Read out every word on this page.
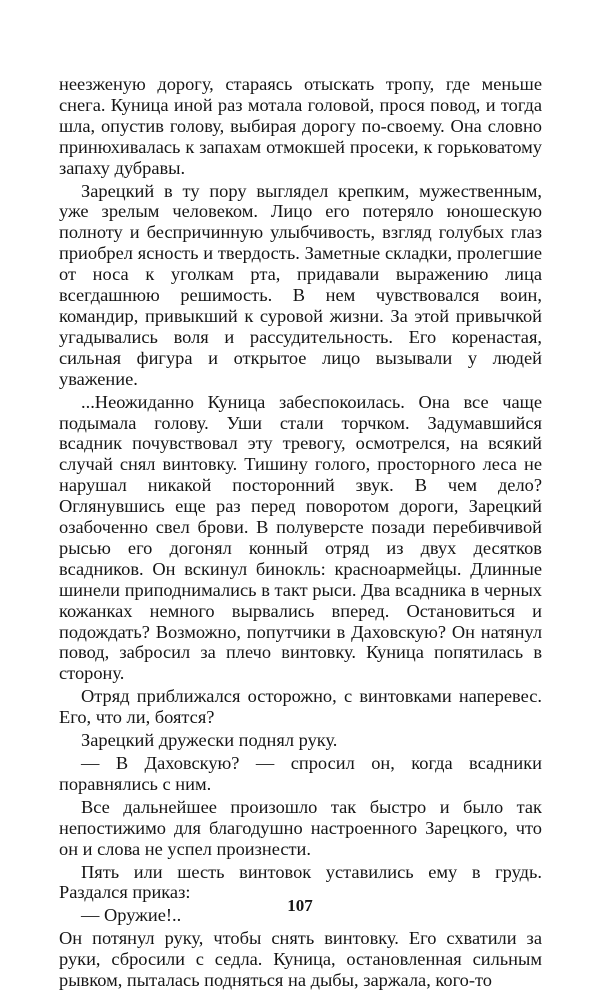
неезженую дорогу, стараясь отыскать тропу, где меньше снега. Куница иной раз мотала головой, прося повод, и тогда шла, опустив голову, выбирая дорогу по-своему. Она словно принюхивалась к запахам отмокшей просеки, к горьковатому запаху дубравы.

Зарецкий в ту пору выглядел крепким, мужественным, уже зрелым человеком. Лицо его потеряло юношескую полноту и беспричинную улыбчивость, взгляд голубых глаз приобрел ясность и твердость. Заметные складки, пролегшие от носа к уголкам рта, придавали выражению лица всегдашнюю решимость. В нем чувствовался воин, командир, привыкший к суровой жизни. За этой привычкой угадывались воля и рассудительность. Его коренастая, сильная фигура и открытое лицо вызывали у людей уважение.

...Неожиданно Куница забеспокоилась. Она все чаще подымала голову. Уши стали торчком. Задумавшийся всадник почувствовал эту тревогу, осмотрелся, на всякий случай снял винтовку. Тишину голого, просторного леса не нарушал никакой посторонний звук. В чем дело? Оглянувшись еще раз перед поворотом дороги, Зарецкий озабоченно свел брови. В полуверсте позади перебивчивой рысью его догонял конный отряд из двух десятков всадников. Он вскинул бинокль: красноармейцы. Длинные шинели приподнимались в такт рыси. Два всадника в черных кожанках немного вырвались вперед. Остановиться и подождать? Возможно, попутчики в Даховскую? Он натянул повод, забросил за плечо винтовку. Куница попятилась в сторону.

Отряд приближался осторожно, с винтовками наперевес. Его, что ли, боятся?

Зарецкий дружески поднял руку.

— В Даховскую? — спросил он, когда всадники поравнялись с ним.

Все дальнейшее произошло так быстро и было так непостижимо для благодушно настроенного Зарецкого, что он и слова не успел произнести.

Пять или шесть винтовок уставились ему в грудь. Раздался приказ:

— Оружие!..

Он потянул руку, чтобы снять винтовку. Его схватили за руки, сбросили с седла. Куница, остановленная сильным рывком, пыталась подняться на дыбы, заржала, кого-то

107
